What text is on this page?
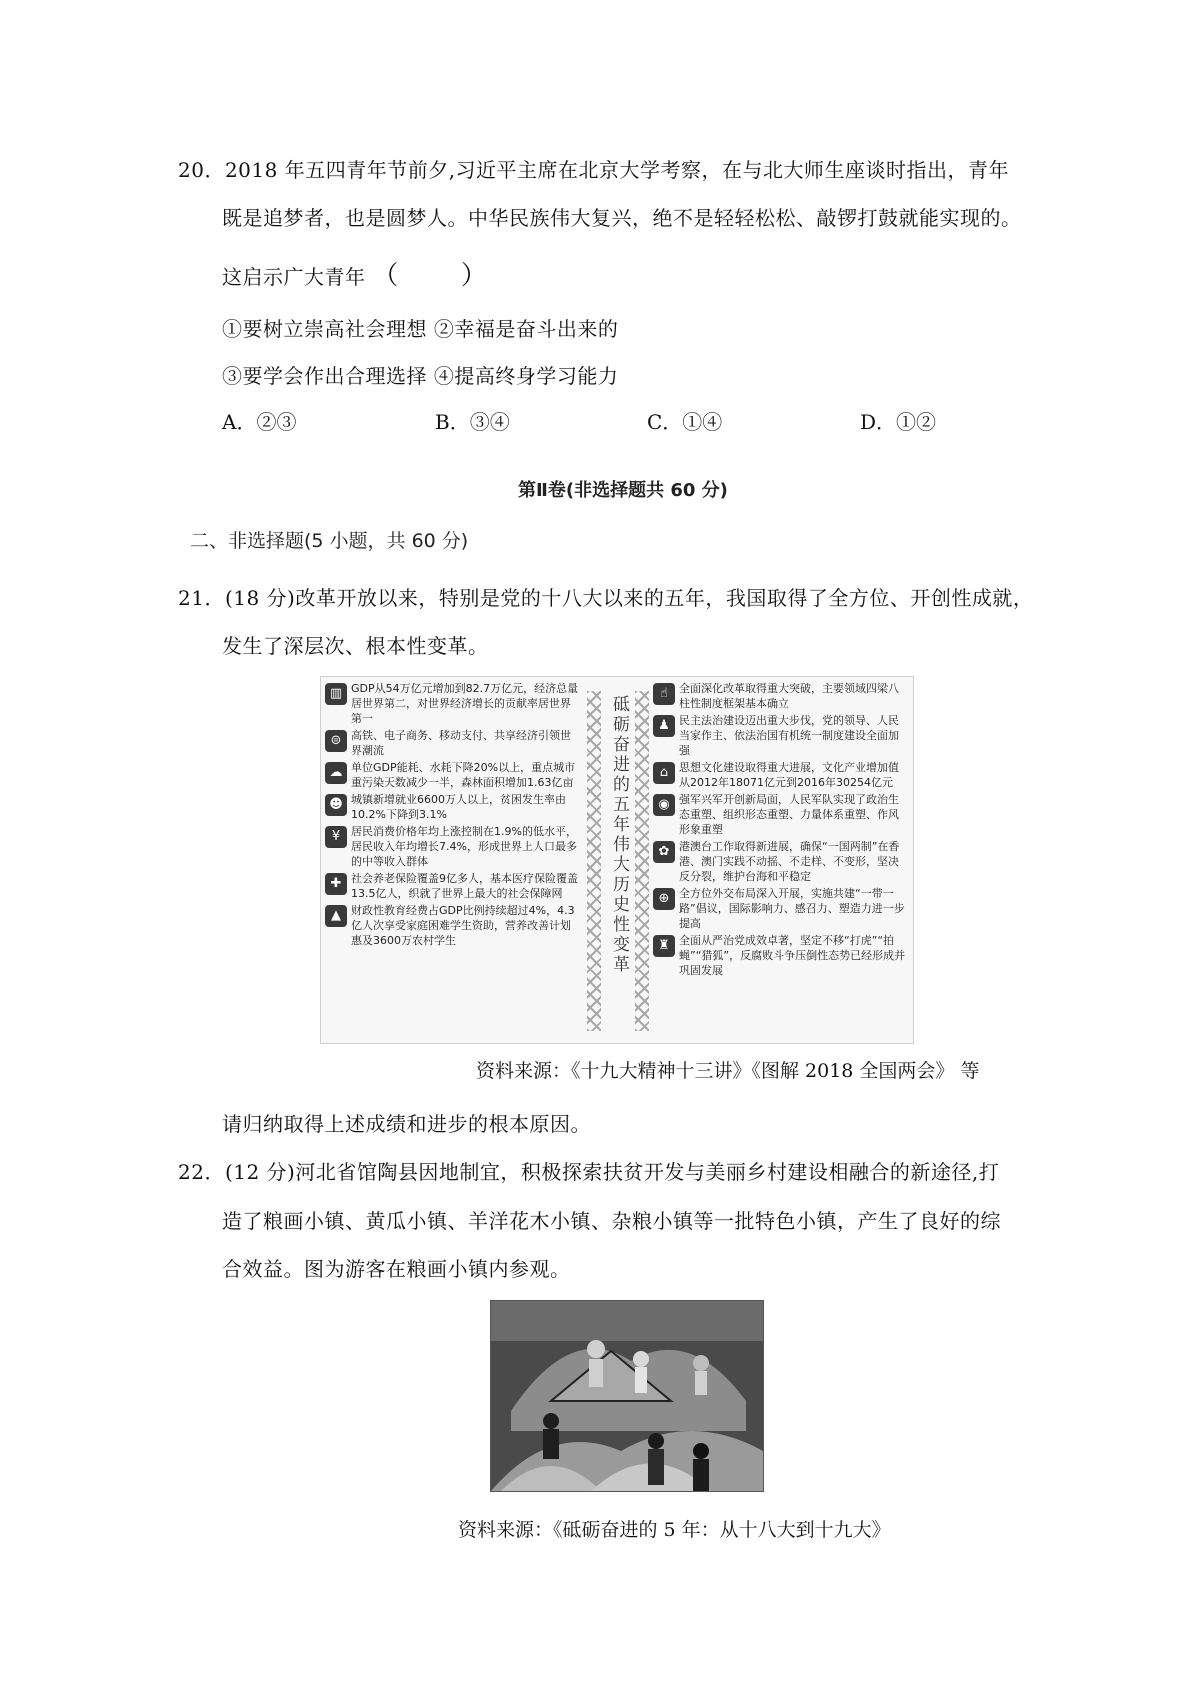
20．2018 年五四青年节前夕,习近平主席在北京大学考察，在与北大师生座谈时指出，青年
既是追梦者，也是圆梦人。中华民族伟大复兴，绝不是轻轻松松、敲锣打鼓就能实现的。
这启示广大青年 （ ）
①要树立崇高社会理想 ②幸福是奋斗出来的
③要学会作出合理选择 ④提高终身学习能力
A．②③	B．③④	C．①④	D．①②
第Ⅱ卷(非选择题共 60 分)
二、非选择题(5 小题，共 60 分)
21．(18 分)改革开放以来，特别是党的十八大以来的五年，我国取得了全方位、开创性成就，
发生了深层次、根本性变革。
▥ GDP从54万亿元增加到82.7万亿元，经济总量居世界第二，对世界经济增长的贡献率居世界第一
⊜ 高铁、电子商务、移动支付、共享经济引领世界潮流
☁ 单位GDP能耗、水耗下降20%以上，重点城市重污染天数减少一半，森林面积增加1.63亿亩
☻ 城镇新增就业6600万人以上，贫困发生率由10.2%下降到3.1%
¥ 居民消费价格年均上涨控制在1.9%的低水平，居民收入年均增长7.4%，形成世界上人口最多的中等收入群体
✚ 社会养老保险覆盖9亿多人，基本医疗保险覆盖13.5亿人，织就了世界上最大的社会保障网
▲ 财政性教育经费占GDP比例持续超过4%，4.3亿人次享受家庭困难学生资助，营养改善计划惠及3600万农村学生	砥砺奋进的五年伟大历史性变革
☝	全面深化改革取得重大突破，主要领域四梁八柱性制度框架基本确立
♟ 民主法治建设迈出重大步伐，党的领导、人民当家作主、依法治国有机统一制度建设全面加强
⌂ 思想文化建设取得重大进展，文化产业增加值从2012年18071亿元到2016年30254亿元
◉ 强军兴军开创新局面，人民军队实现了政治生态重塑、组织形态重塑、力量体系重塑、作风形象重塑
✿ 港澳台工作取得新进展，确保“一国两制”在香港、澳门实践不动摇、不走样、不变形，坚决反分裂，维护台海和平稳定
⊕ 全方位外交布局深入开展，实施共建“一带一路”倡议，国际影响力、感召力、塑造力进一步提高
♜ 全面从严治党成效卓著，坚定不移“打虎”“拍蝇”“猎狐”，反腐败斗争压倒性态势已经形成并巩固发展
资料来源：《十九大精神十三讲》《图解 2018 全国两会》 等
请归纳取得上述成绩和进步的根本原因。
22．(12 分)河北省馆陶县因地制宜，积极探索扶贫开发与美丽乡村建设相融合的新途径,打
造了粮画小镇、黄瓜小镇、羊洋花木小镇、杂粮小镇等一批特色小镇，产生了良好的综
合效益。图为游客在粮画小镇内参观。
资料来源：《砥砺奋进的 5 年：从十八大到十九大》
